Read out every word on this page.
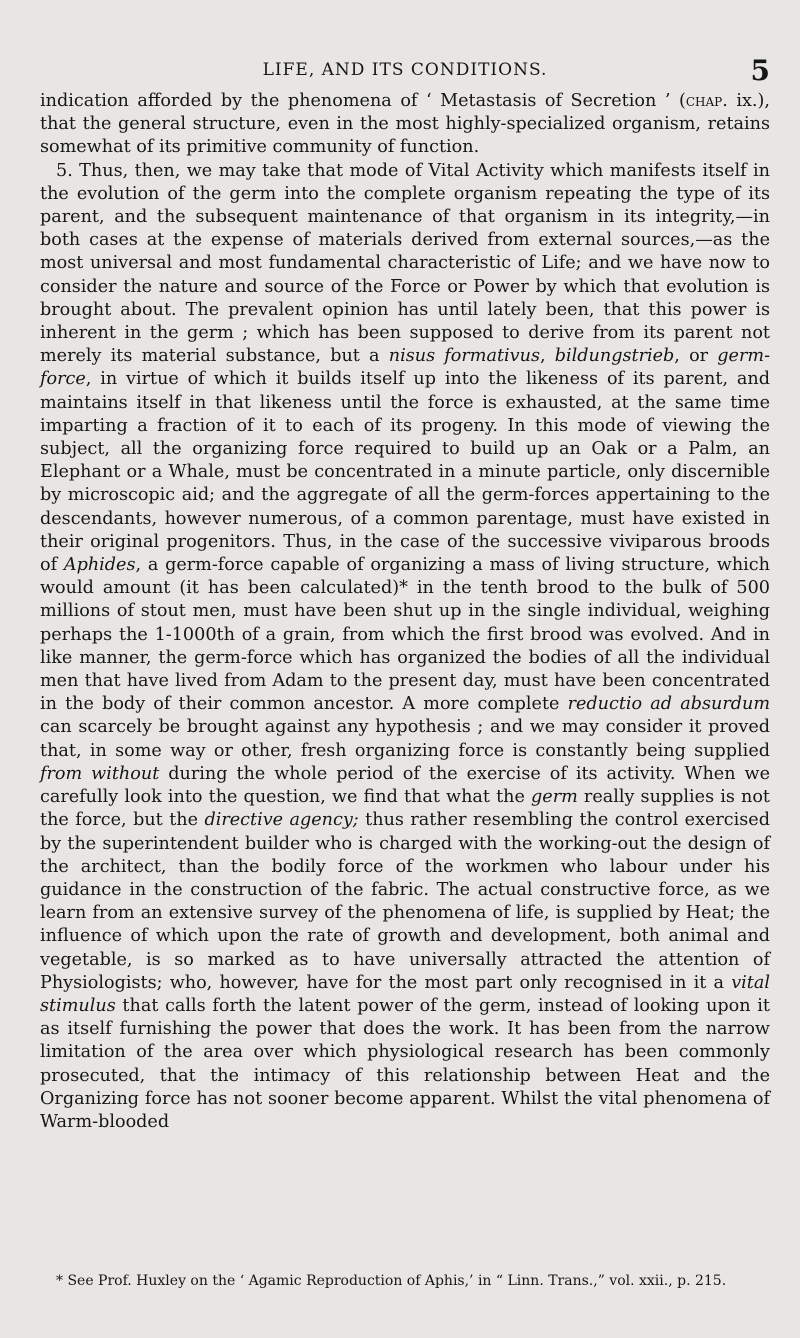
LIFE, AND ITS CONDITIONS.	5

indication afforded by the phenomena of ‘ Metastasis of Secretion ’ (chap. ix.), that the general structure, even in the most highly-specialized organism, retains somewhat of its primitive community of function.

5. Thus, then, we may take that mode of Vital Activity which manifests itself in the evolution of the germ into the complete organism repeating the type of its parent, and the subsequent maintenance of that organism in its integrity,—in both cases at the expense of materials derived from external sources,—as the most universal and most fundamental characteristic of Life; and we have now to consider the nature and source of the Force or Power by which that evolution is brought about. The prevalent opinion has until lately been, that this power is inherent in the germ ; which has been supposed to derive from its parent not merely its material substance, but a nisus formativus, bildungstrieb, or germ-force, in virtue of which it builds itself up into the likeness of its parent, and maintains itself in that likeness until the force is exhausted, at the same time imparting a fraction of it to each of its progeny. In this mode of viewing the subject, all the organizing force required to build up an Oak or a Palm, an Elephant or a Whale, must be concentrated in a minute particle, only discernible by microscopic aid; and the aggregate of all the germ-forces appertaining to the descendants, however numerous, of a common parentage, must have existed in their original progenitors. Thus, in the case of the successive viviparous broods of Aphides, a germ-force capable of organizing a mass of living structure, which would amount (it has been calculated)* in the tenth brood to the bulk of 500 millions of stout men, must have been shut up in the single individual, weighing perhaps the 1-1000th of a grain, from which the first brood was evolved. And in like manner, the germ-force which has organized the bodies of all the individual men that have lived from Adam to the present day, must have been concentrated in the body of their common ancestor. A more complete reductio ad absurdum can scarcely be brought against any hypothesis ; and we may consider it proved that, in some way or other, fresh organizing force is constantly being supplied from without during the whole period of the exercise of its activity. When we carefully look into the question, we find that what the germ really supplies is not the force, but the directive agency; thus rather resembling the control exercised by the superintendent builder who is charged with the working-out the design of the architect, than the bodily force of the workmen who labour under his guidance in the construction of the fabric. The actual constructive force, as we learn from an extensive survey of the phenomena of life, is supplied by Heat; the influence of which upon the rate of growth and development, both animal and vegetable, is so marked as to have universally attracted the attention of Physiologists; who, however, have for the most part only recognised in it a vital stimulus that calls forth the latent power of the germ, instead of looking upon it as itself furnishing the power that does the work. It has been from the narrow limitation of the area over which physiological research has been commonly prosecuted, that the intimacy of this relationship between Heat and the Organizing force has not sooner become apparent. Whilst the vital phenomena of Warm-blooded

* See Prof. Huxley on the ‘ Agamic Reproduction of Aphis,’ in “ Linn. Trans.,” vol. xxii., p. 215.
